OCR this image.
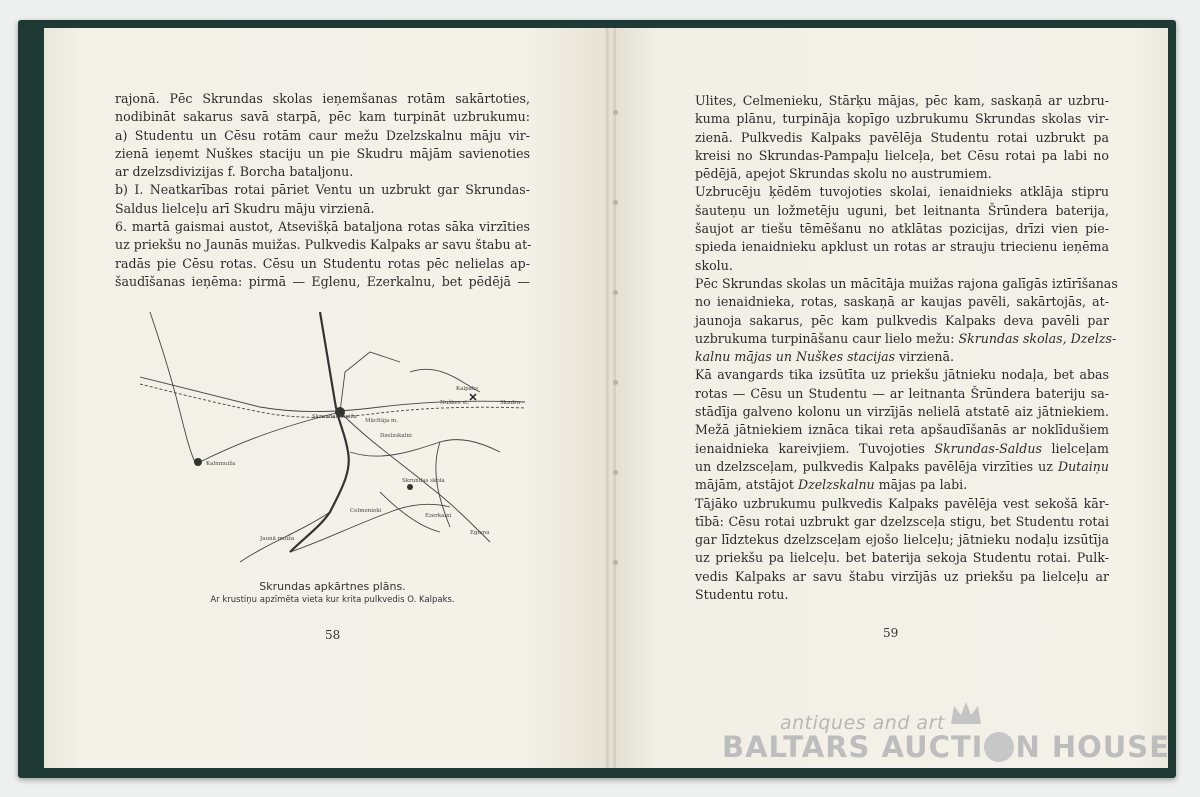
rajonā. Pēc Skrundas skolas ieņemšanas rotām sakārtoties,
nodibināt sakarus savā starpā, pēc kam turpināt uzbrukumu:
a) Studentu un Cēsu rotām caur mežu Dzelzskalnu māju vir-
zienā ieņemt Nuškes staciju un pie Skudru mājām savienoties
ar dzelzsdivizijas f. Borcha bataljonu.
b) I. Neatkarības rotai pāriet Ventu un uzbrukt gar Skrundas-
Saldus lielceļu arī Skudru māju virzienā.
6. martā gaismai austot, Atsevišķā bataljona rotas sāka virzīties
uz priekšu no Jaunās muižas. Pulkvedis Kalpaks ar savu štabu at-
radās pie Cēsu rotas. Cēsu un Studentu rotas pēc nelielas ap-
šaudīšanas ieņēma: pirmā — Eglenu, Ezerkalnu, bet pēdējā —
Skrundas muiža
Kalpaks
Skudru
Dzelzskalni
Nuškes st.
Mācītāja m.
Skrundas skola
Kalnmuiža
Ezerkalni
Jaunā muiža
Eglenu
Celmenieki
Skrundas apkārtnes plāns.
Ar krustiņu apzīmēta vieta kur krita pulkvedis O. Kalpaks.
58
Ulites, Celmenieku, Stārķu mājas, pēc kam, saskaņā ar uzbru-
kuma plānu, turpināja kopīgo uzbrukumu Skrundas skolas vir-
zienā. Pulkvedis Kalpaks pavēlēja Studentu rotai uzbrukt pa
kreisi no Skrundas-Pampaļu lielceļa, bet Cēsu rotai pa labi no
pēdējā, apejot Skrundas skolu no austrumiem.
Uzbrucēju ķēdēm tuvojoties skolai, ienaidnieks atklāja stipru
šauteņu un ložmetēju uguni, bet leitnanta Šrūndera baterija,
šaujot ar tiešu tēmēšanu no atklātas pozicijas, drīzi vien pie-
spieda ienaidnieku apklust un rotas ar strauju triecienu ieņēma
skolu.
Pēc Skrundas skolas un mācītāja muižas rajona galīgās iztīrīšanas
no ienaidnieka, rotas, saskaņā ar kaujas pavēli, sakārtojās, at-
jaunoja sakarus, pēc kam pulkvedis Kalpaks deva pavēli par
uzbrukuma turpināšanu caur lielo mežu: Skrundas skolas, Dzelzs-
kalnu mājas un Nuškes stacijas virzienā.
Kā avangards tika izsūtīta uz priekšu jātnieku nodaļa, bet abas
rotas — Cēsu un Studentu — ar leitnanta Šrūndera bateriju sa-
stādīja galveno kolonu un virzījās nelielā atstatē aiz jātniekiem.
Mežā jātniekiem iznāca tikai reta apšaudīšanās ar noklīdušiem
ienaidnieka kareivjiem. Tuvojoties Skrundas-Saldus lielceļam
un dzelzsceļam, pulkvedis Kalpaks pavēlēja virzīties uz Dutaiņu
mājām, atstājot Dzelzskalnu mājas pa labi.
Tājāko uzbrukumu pulkvedis Kalpaks pavēlēja vest sekošā kār-
tībā: Cēsu rotai uzbrukt gar dzelzsceļa stigu, bet Studentu rotai
gar līdztekus dzelzsceļam ejošo lielceļu; jātnieku nodaļu izsūtīja
uz priekšu pa lielceļu. bet baterija sekoja Studentu rotai. Pulk-
vedis Kalpaks ar savu štabu virzījās uz priekšu pa lielceļu ar
Studentu rotu.
59
antiques and art
BALTARS AUCTI N HOUSE
